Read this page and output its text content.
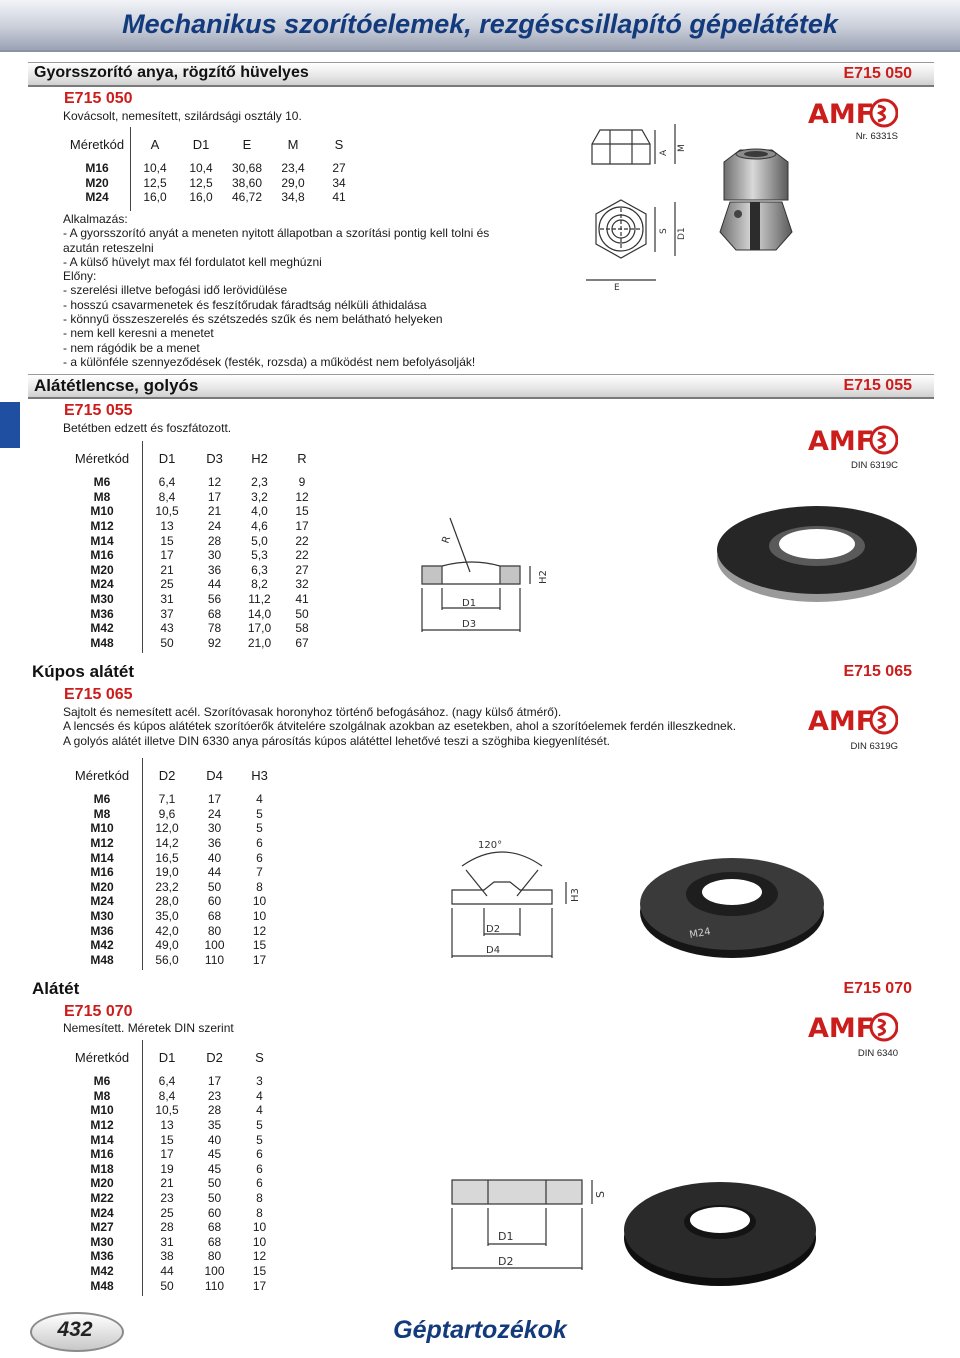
Mechanikus szorítóelemek, rezgéscsillapító gépelátétek
Gyorsszorító anya, rögzítő hüvelyes	E715 050
E715 050
Kovácsolt, nemesített, szilárdsági osztály 10.
Méretkód	A	D1	E	M	S
M16	10,4	10,4	30,68	23,4	27
M20	12,5	12,5	38,60	29,0	34
M24	16,0	16,0	46,72	34,8	41

Alkalmazás:

- A gyorsszorító anyát a meneten nyitott állapotban a szorítási pontig kell tolni és

azután reteszelni

- A külső hüvelyt max fél fordulatot kell meghúzni

Előny:

- szerelési illetve befogási idő lerövidülése

- hosszú csavarmenetek és feszítőrudak fáradtság nélküli áthidalása

- könnyű összeszerelés és szétszedés szűk és nem belátható helyeken

- nem kell keresni a menetet

- nem rágódik be a menet

- a különféle szennyeződések (festék, rozsda) a működést nem befolyásolják!

A
M
S D1
E
AMF
Nr. 6331S
Alátétlencse, golyós	E715 055
E715 055
Betétben edzett és foszfátozott.
Méretkód	D1	D3	H2	R
M6	6,4	12	2,3	9
M8	8,4	17	3,2	12
M10	10,5	21	4,0	15
M12	13	24	4,6	17
M14	15	28	5,0	22
M16	17	30	5,3	22
M20	21	36	6,3	27
M24	25	44	8,2	32
M30	31	56	11,2	41
M36	37	68	14,0	50
M42	43	78	17,0	58
M48	50	92	21,0	67
R
H2
D1
D3
AMF
DIN 6319C
Kúpos alátét	E715 065
E715 065

Sajtolt és nemesített acél. Szorítóvasak horonyhoz történő befogásához. (nagy külső átmérő).

A lencsés és kúpos alátétek szorítóerők átvitelére szolgálnak azokban az esetekben, ahol a szorítóelemek ferdén illeszkednek.

A golyós alátét illetve DIN 6330 anya párosítás kúpos alátéttel lehetővé teszi a szöghiba kiegyenlítését.

Méretkód	D2	D4	H3
M6	7,1	17	4
M8	9,6	24	5
M10	12,0	30	5
M12	14,2	36	6
M14	16,5	40	6
M16	19,0	44	7
M20	23,2	50	8
M24	28,0	60	10
M30	35,0	68	10
M36	42,0	80	12
M42	49,0	100	15
M48	56,0	110	17
120°
H3
D2
D4
M24
AMF
DIN 6319G
Alátét	E715 070
E715 070
Nemesített. Méretek DIN szerint
Méretkód	D1	D2	S
M6	6,4	17	3
M8	8,4	23	4
M10	10,5	28	4
M12	13	35	5
M14	15	40	5
M16	17	45	6
M18	19	45	6
M20	21	50	6
M22	23	50	8
M24	25	60	8
M27	28	68	10
M30	31	68	10
M36	38	80	12
M42	44	100	15
M48	50	110	17
S
D1
D2
AMF
DIN 6340
432	Géptartozékok
